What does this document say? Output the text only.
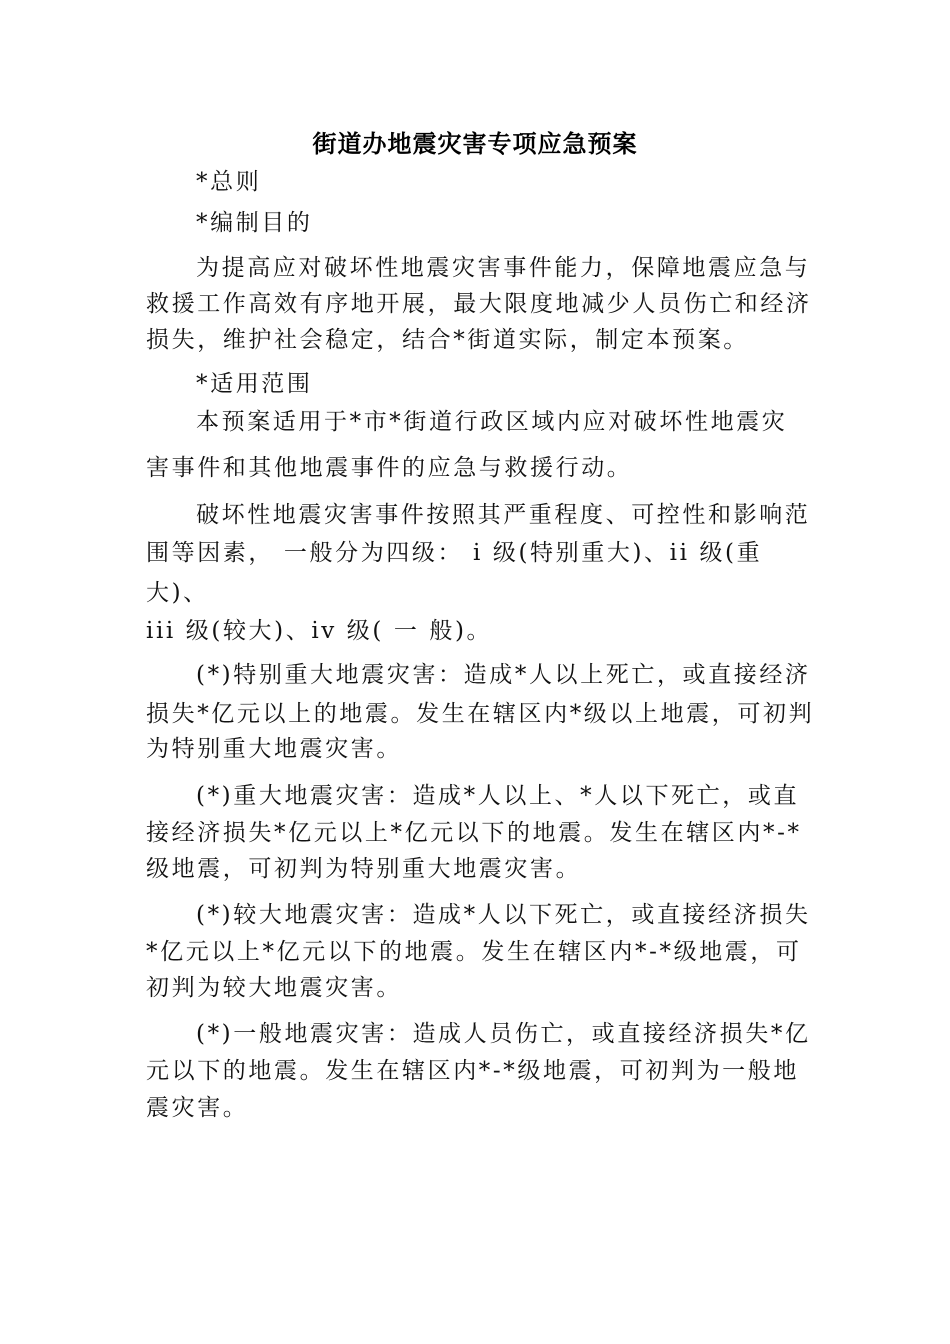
街道办地震灾害专项应急预案
*总则
*编制目的
为提高应对破坏性地震灾害事件能力，保障地震应急与
救援工作高效有序地开展，最大限度地减少人员伤亡和经济
损失，维护社会稳定，结合*街道实际，制定本预案。
*适用范围
本预案适用于*市*街道行政区域内应对破坏性地震灾
害事件和其他地震事件的应急与救援行动。
破坏性地震灾害事件按照其严重程度、可控性和影响范
围等因素， 一般分为四级： i 级(特别重大)、ii 级(重
大)、
iii 级(较大)、iv 级( 一 般)。
(*)特别重大地震灾害：造成*人以上死亡，或直接经济
损失*亿元以上的地震。发生在辖区内*级以上地震，可初判
为特别重大地震灾害。
(*)重大地震灾害：造成*人以上、*人以下死亡，或直
接经济损失*亿元以上*亿元以下的地震。发生在辖区内*-*
级地震，可初判为特别重大地震灾害。
(*)较大地震灾害：造成*人以下死亡，或直接经济损失
*亿元以上*亿元以下的地震。发生在辖区内*-*级地震，可
初判为较大地震灾害。
(*)一般地震灾害：造成人员伤亡，或直接经济损失*亿
元以下的地震。发生在辖区内*-*级地震，可初判为一般地
震灾害。
